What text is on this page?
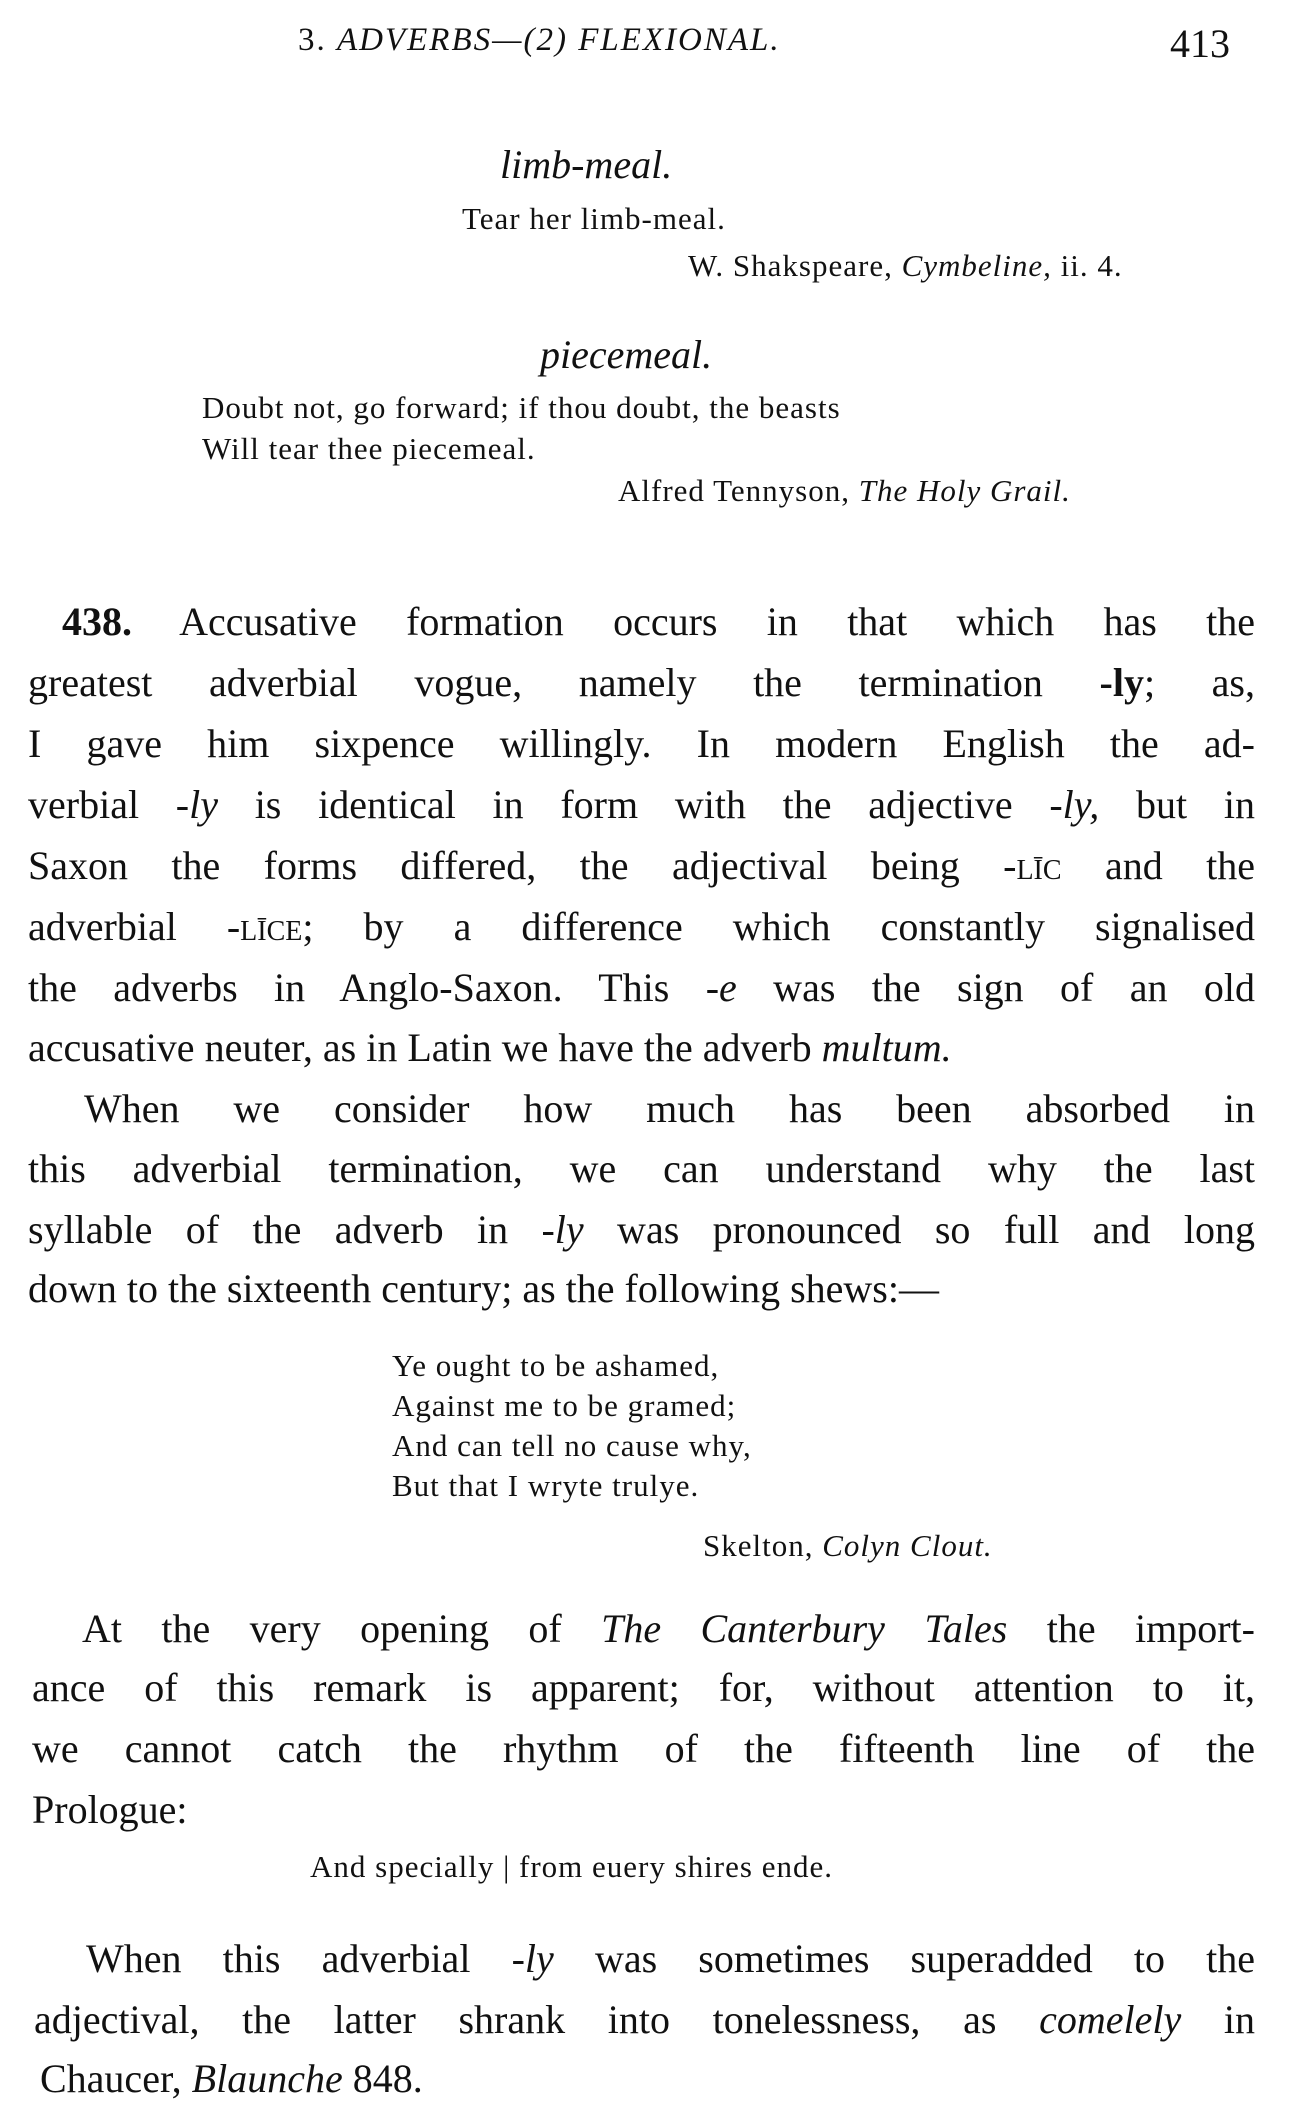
3. ADVERBS—(2) FLEXIONAL.	413
limb-meal.
Tear her limb-meal.
W. Shakspeare, Cymbeline, ii. 4.
piecemeal.
Doubt not, go forward; if thou doubt, the beasts
Will tear thee piecemeal.
Alfred Tennyson, The Holy Grail.
438. Accusative formation occurs in that which has the
greatest adverbial vogue, namely the termination -ly; as,
I gave him sixpence willingly. In modern English the ad-
verbial -ly is identical in form with the adjective -ly, but in
Saxon the forms differed, the adjectival being -līc and the
adverbial -līce; by a difference which constantly signalised
the adverbs in Anglo-Saxon. This -e was the sign of an old
accusative neuter, as in Latin we have the adverb multum.
When we consider how much has been absorbed in
this adverbial termination, we can understand why the last
syllable of the adverb in -ly was pronounced so full and long
down to the sixteenth century; as the following shews:—
Ye ought to be ashamed,
Against me to be gramed;
And can tell no cause why,
But that I wryte trulye.
Skelton, Colyn Clout.
At the very opening of The Canterbury Tales the import-
ance of this remark is apparent; for, without attention to it,
we cannot catch the rhythm of the fifteenth line of the
Prologue:
And specially | from euery shires ende.
When this adverbial -ly was sometimes superadded to the
adjectival, the latter shrank into tonelessness, as comelely in
Chaucer, Blaunche 848.
